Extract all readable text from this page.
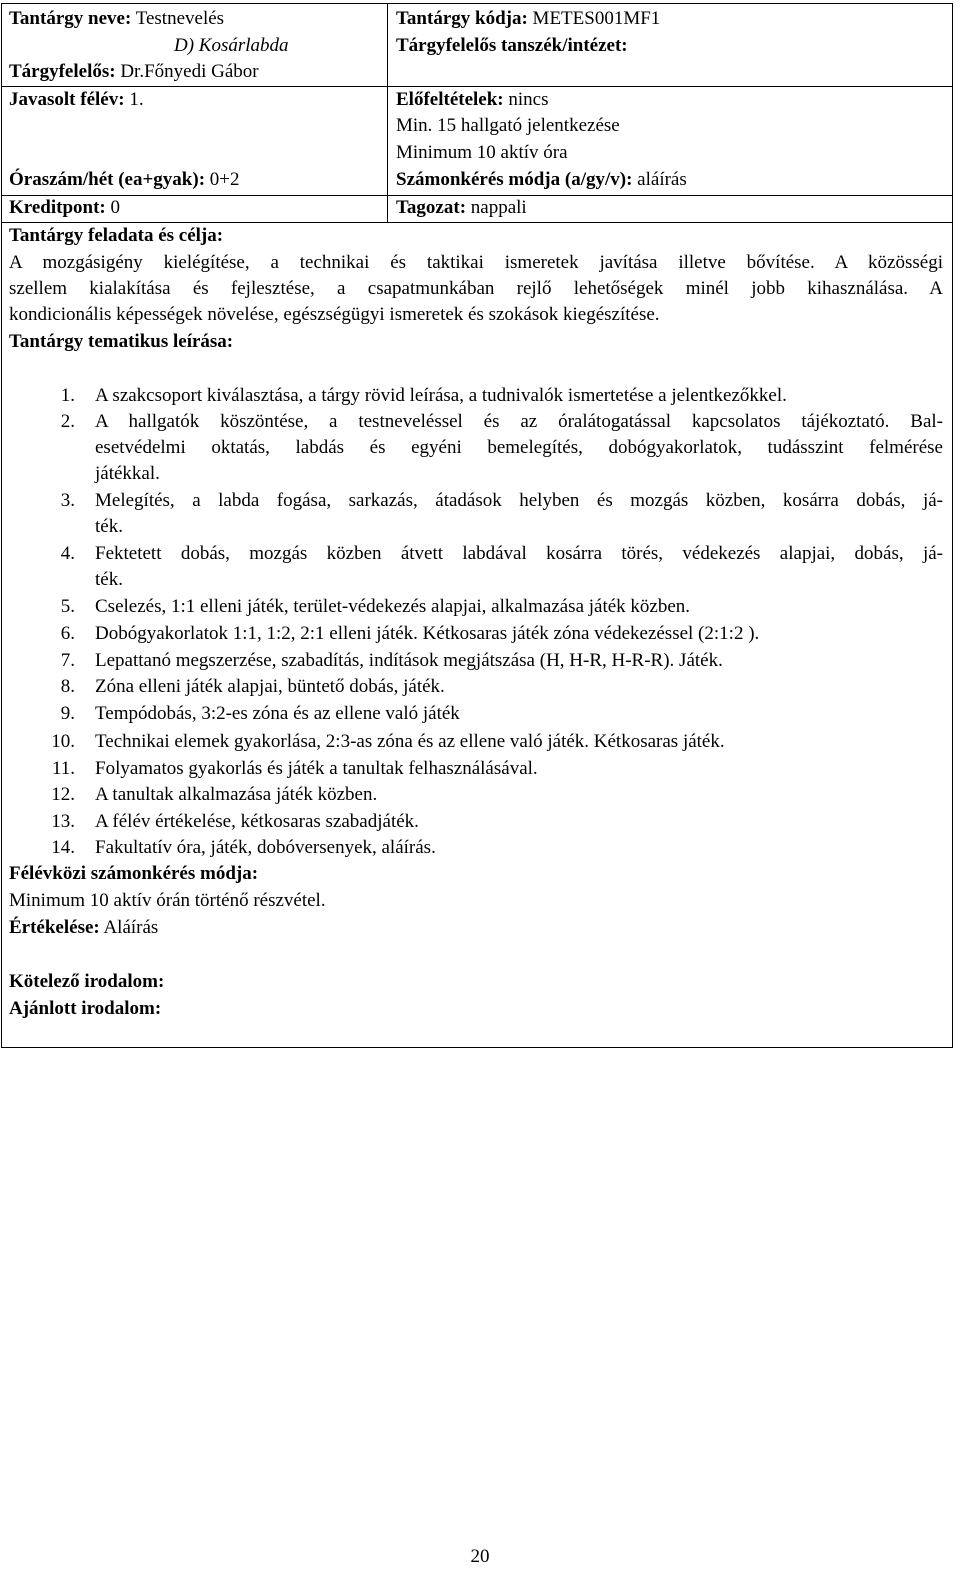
Tantárgy neve: Testnevelés
D) Kosárlabda
Tárgyfelelős: Dr.Főnyedi Gábor
Javasolt félév: 1.
Óraszám/hét (ea+gyak): 0+2
Kreditpont: 0
Tantárgy kódja: METES001MF1
Tárgyfelelős tanszék/intézet:
Előfeltételek: nincs
Min. 15 hallgató jelentkezése
Minimum 10 aktív óra
Számonkérés módja (a/gy/v): aláírás
Tagozat: nappali
Tantárgy feladata és célja:
A mozgásigény kielégítése, a technikai és taktikai ismeretek javítása illetve bővítése. A közösségi
szellem kialakítása és fejlesztése, a csapatmunkában rejlő lehetőségek minél jobb kihasználása. A
kondicionális képességek növelése, egészségügyi ismeretek és szokások kiegészítése.
Tantárgy tematikus leírása:
1. A szakcsoport kiválasztása, a tárgy rövid leírása, a tudnivalók ismertetése a jelentkezőkkel.
2. A hallgatók köszöntése, a testneveléssel és az óralátogatással kapcsolatos tájékoztató. Bal-
esetvédelmi oktatás, labdás és egyéni bemelegítés, dobógyakorlatok, tudásszint felmérése
játékkal.
3. Melegítés, a labda fogása, sarkazás, átadások helyben és mozgás közben, kosárra dobás, já-
ték.
4. Fektetett dobás, mozgás közben átvett labdával kosárra törés, védekezés alapjai, dobás, já-
ték.
5. Cselezés, 1:1 elleni játék, terület-védekezés alapjai, alkalmazása játék közben.
6. Dobógyakorlatok 1:1, 1:2, 2:1 elleni játék. Kétkosaras játék zóna védekezéssel (2:1:2 ).
7. Lepattanó megszerzése, szabadítás, indítások megjátszása (H, H-R, H-R-R). Játék.
8. Zóna elleni játék alapjai, büntető dobás, játék.
9. Tempódobás, 3:2-es zóna és az ellene való játék
10. Technikai elemek gyakorlása, 2:3-as zóna és az ellene való játék. Kétkosaras játék.
11. Folyamatos gyakorlás és játék a tanultak felhasználásával.
12. A tanultak alkalmazása játék közben.
13. A félév értékelése, kétkosaras szabadjáték.
14. Fakultatív óra, játék, dobóversenyek, aláírás.
Félévközi számonkérés módja:
Minimum 10 aktív órán történő részvétel.
Értékelése: Aláírás
Kötelező irodalom:
Ajánlott irodalom:
20
